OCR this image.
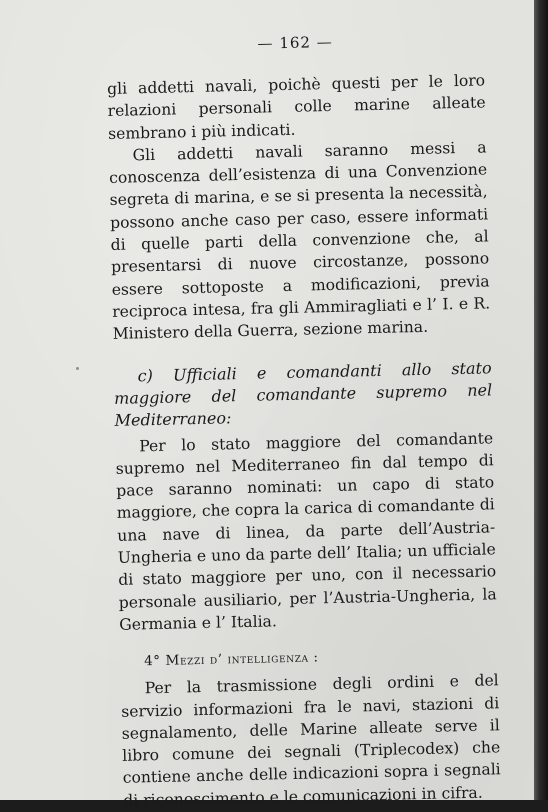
— 162 —

gli addetti navali, poichè questi per le loro relazioni personali colle marine alleate sembrano i più indicati.

Gli addetti navali saranno messi a conoscenza dell’esistenza di una Convenzione segreta di marina, e se si presenta la necessità, possono anche caso per caso, essere informati di quelle parti della convenzione che, al presentarsi di nuove circostanze, possono essere sottoposte a modificazioni, previa reciproca intesa, fra gli Ammiragliati e l’ I. e R. Ministero della Guerra, sezione marina.

c) Ufficiali e comandanti allo stato maggiore del comandante supremo nel Mediterraneo:

Per lo stato maggiore del comandante supremo nel Mediterraneo fin dal tempo di pace saranno nominati: un capo di stato maggiore, che copra la carica di comandante di una nave di linea, da parte dell’Austria-Ungheria e uno da parte dell’ Italia; un ufficiale di stato maggiore per uno, con il necessario personale ausiliario, per l’Austria-Ungheria, la Germania e l’ Italia.

4° Mezzi d’ intelligenza :

Per la trasmissione degli ordini e del servizio informazioni fra le navi, stazioni di segnalamento, delle Marine alleate serve il libro comune dei segnali (Triplecodex) che contiene anche delle indicazioni sopra i segnali di riconoscimento e le comunicazioni in cifra.
